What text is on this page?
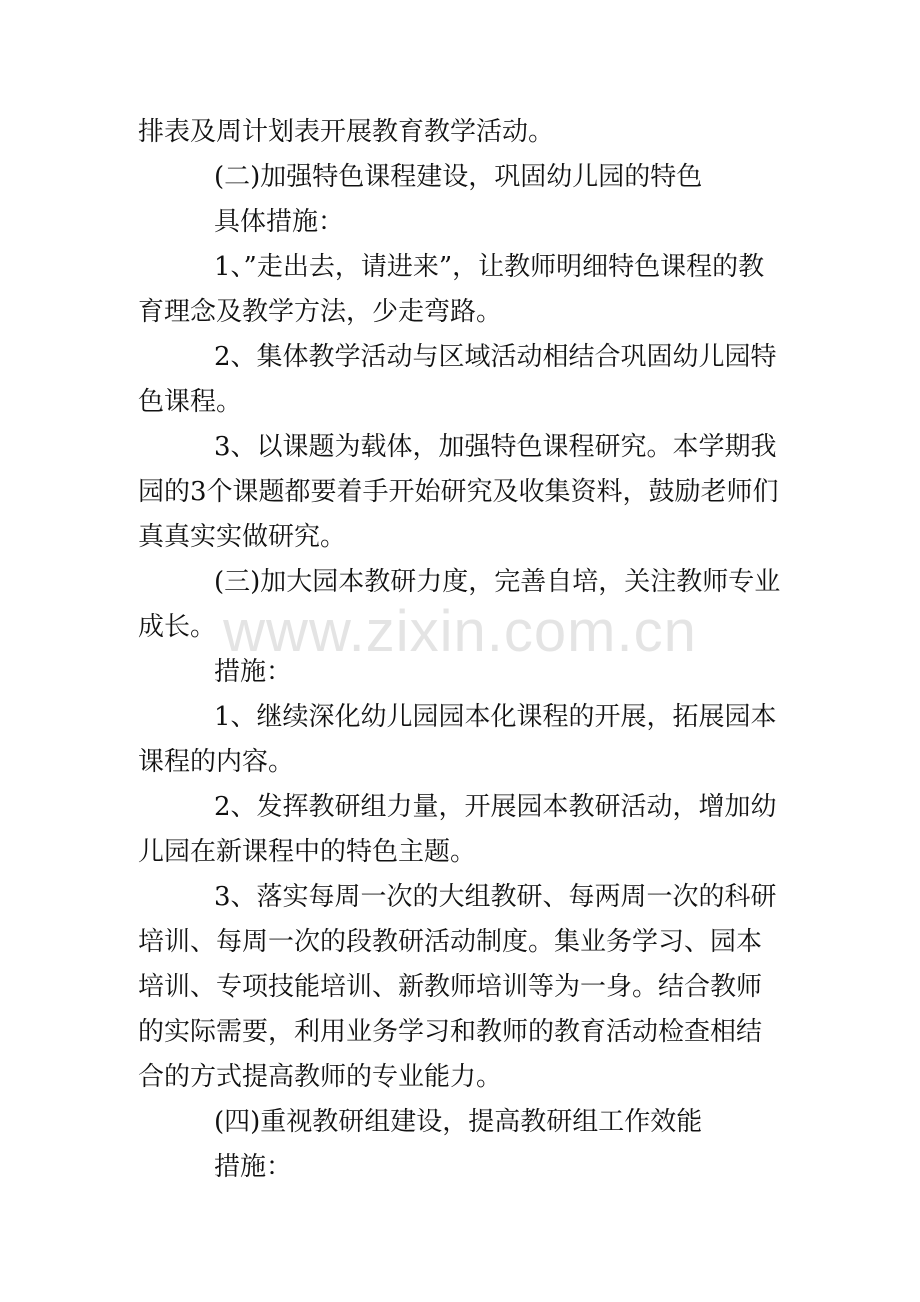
排表及周计划表开展教育教学活动。

(二)加强特色课程建设，巩固幼儿园的特色

具体措施：

1、”走出去，请进来”，让教师明细特色课程的教育理念及教学方法，少走弯路。

2、集体教学活动与区域活动相结合巩固幼儿园特色课程。

3、以课题为载体，加强特色课程研究。本学期我园的3个课题都要着手开始研究及收集资料，鼓励老师们真真实实做研究。

(三)加大园本教研力度，完善自培，关注教师专业成长。

措施：

1、继续深化幼儿园园本化课程的开展，拓展园本课程的内容。

2、发挥教研组力量，开展园本教研活动，增加幼儿园在新课程中的特色主题。

3、落实每周一次的大组教研、每两周一次的科研培训、每周一次的段教研活动制度。集业务学习、园本培训、专项技能培训、新教师培训等为一身。结合教师的实际需要，利用业务学习和教师的教育活动检查相结合的方式提高教师的专业能力。

(四)重视教研组建设，提高教研组工作效能

措施：

www.zixin.com.cn
